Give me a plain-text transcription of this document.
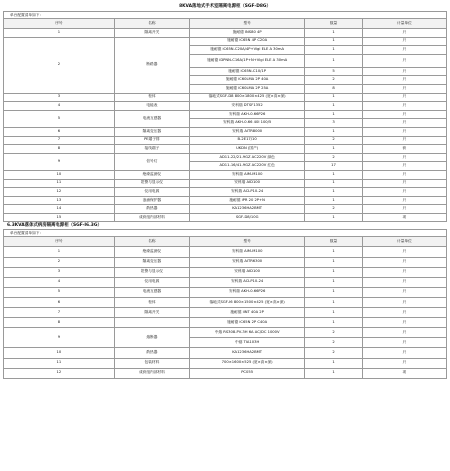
8KVA落地式手术室隔离电源柜（SGF-D8G）
单台配置清单如下：
序号	名称	型号	数量	计量单位
1	隔离开关	施耐德 INS80 4P	1	只
2	断路器	施耐德 iC65N 4P C20A	1	只
		施耐德 iC65N-C20A/4P+Vigi ELE A 30mA	1	只
		施耐德 iDPNN-C16A/1P+N+Vigi ELE A 30mA	1	只
		施耐德 iC65N-C10/1P	5	只
		施耐德 iC60LMA 2P 40A	2	只
		施耐德 iC60LMA 2P 25A	8	只
3	柜体	落地式SGF-D8 800×1800×425 (宽×高×深)	1	只
4	电能表	安科瑞 DTSF1352	1	只
5	电流互感器	安科瑞 AKH-0.66P26	1	只
		安科瑞 AKH-0.66 40I 100/5	3	只
6	隔离变压器	安科瑞 AITR8000	1	只
7	PE端子排	B-2E17/10	2	只
8	接线端子	UKDN (国产)	1	套
9	信号灯	AD11-22/21-9GZ AC220V 绿色	2	只
		AD11-16/41-9GZ AC220V 红色	17	只
10	绝缘监测仪	安科瑞 AIM-M100	1	只
11	报警与显示仪	安科瑞 AID100	1	只
12	仪用电源	安科瑞 ACLP10-24	1	只
13	浪涌保护器	施耐德 iPR 20 2P+N	1	只
14	散热器	KA1236HA2BMT	2	只
15	成套组内部材料	SGF-D8/10G	1	项
6.3KVA落体式病房隔离电源柜（SGF-I6.3G）
单台配置清单如下：
序号	名称	型号	数量	计量单位
1	绝缘监测仪	安科瑞 AIM-M100	1	只
2	隔离变压器	安科瑞 AITR6300	1	只
3	报警与显示仪	安科瑞 AID100	1	只
4	仪用电源	安科瑞 ACLP10-24	1	只
5	电流互感器	安科瑞 AKH-0.66P26	1	只
6	柜体	落地式SGF-I6 800×1500×425 (宽×高×深)	1	只
7	隔离开关	施耐德 iINT 40A 2P	1	只
8		施耐德 iC65N 2P C40A	1	只
9	熔断器	中熔 RS308-PV-3H 6A AC/DC 1000V	2	只
		中熔 TIA103H	2	只
10	散热器	KA1236HA2BMT	2	只
11	包装材料	700×1600×525 (宽×高×深)	1	只
12	成套组内部材料	PC055	1	项
